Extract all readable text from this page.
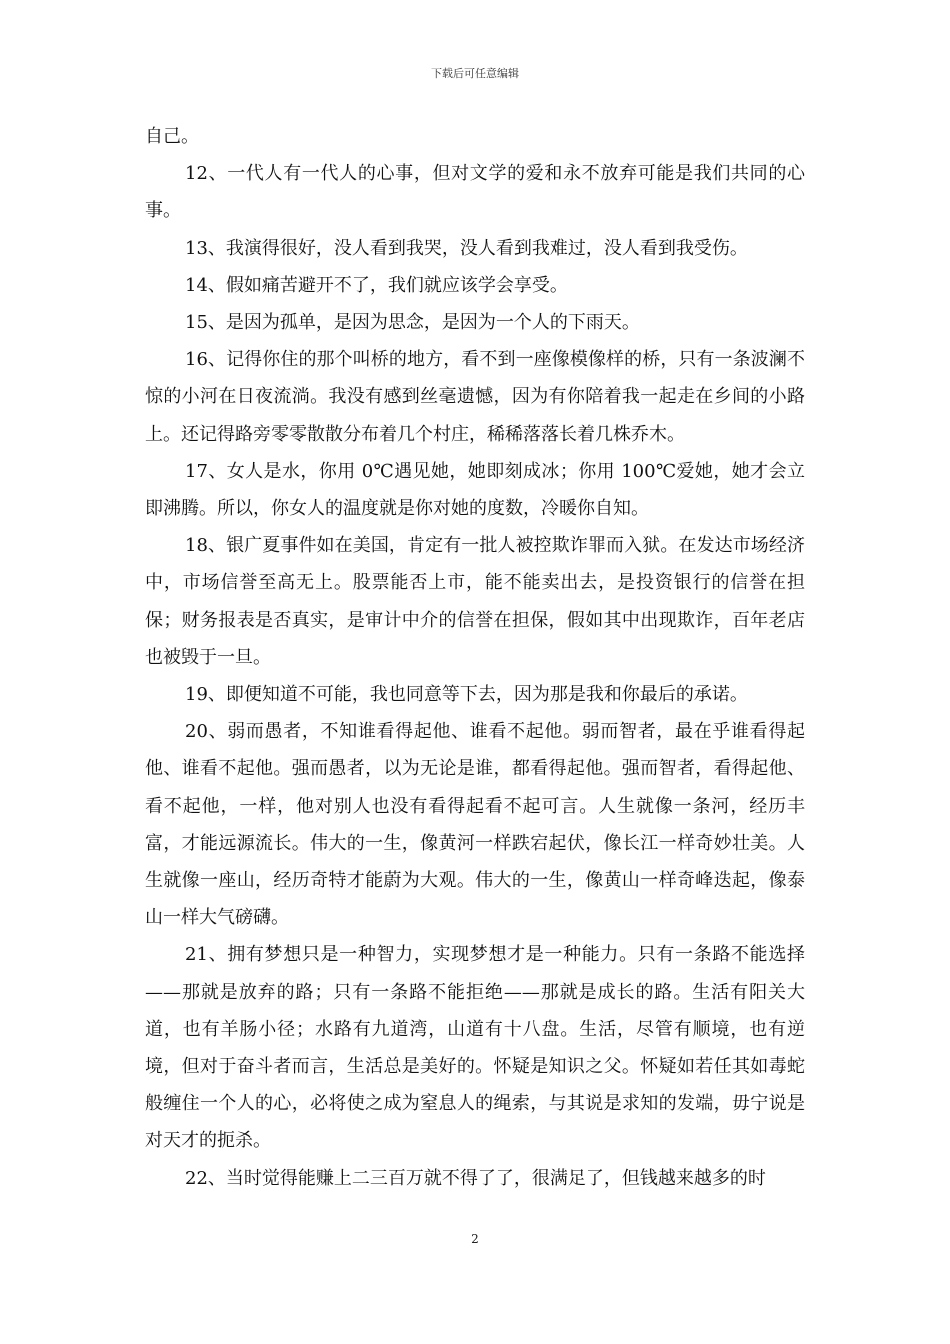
下载后可任意编辑

自己。

12、一代人有一代人的心事，但对文学的爱和永不放弃可能是我们共同的心事。

13、我演得很好，没人看到我哭，没人看到我难过，没人看到我受伤。

14、假如痛苦避开不了，我们就应该学会享受。

15、是因为孤单，是因为思念，是因为一个人的下雨天。

16、记得你住的那个叫桥的地方，看不到一座像模像样的桥，只有一条波澜不惊的小河在日夜流淌。我没有感到丝毫遗憾，因为有你陪着我一起走在乡间的小路上。还记得路旁零零散散分布着几个村庄，稀稀落落长着几株乔木。

17、女人是水，你用 0℃遇见她，她即刻成冰；你用 100℃爱她，她才会立即沸腾。所以，你女人的温度就是你对她的度数，冷暖你自知。

18、银广夏事件如在美国，肯定有一批人被控欺诈罪而入狱。在发达市场经济中，市场信誉至高无上。股票能否上市，能不能卖出去，是投资银行的信誉在担保；财务报表是否真实，是审计中介的信誉在担保，假如其中出现欺诈，百年老店也被毁于一旦。

19、即便知道不可能，我也同意等下去，因为那是我和你最后的承诺。

20、弱而愚者，不知谁看得起他、谁看不起他。弱而智者，最在乎谁看得起他、谁看不起他。强而愚者，以为无论是谁，都看得起他。强而智者，看得起他、看不起他，一样，他对别人也没有看得起看不起可言。人生就像一条河，经历丰富，才能远源流长。伟大的一生，像黄河一样跌宕起伏，像长江一样奇妙壮美。人生就像一座山，经历奇特才能蔚为大观。伟大的一生，像黄山一样奇峰迭起，像泰山一样大气磅礴。

21、拥有梦想只是一种智力，实现梦想才是一种能力。只有一条路不能选择——那就是放弃的路；只有一条路不能拒绝——那就是成长的路。生活有阳关大道，也有羊肠小径；水路有九道湾，山道有十八盘。生活，尽管有顺境，也有逆境，但对于奋斗者而言，生活总是美好的。怀疑是知识之父。怀疑如若任其如毒蛇般缠住一个人的心，必将使之成为窒息人的绳索，与其说是求知的发端，毋宁说是对天才的扼杀。

22、当时觉得能赚上二三百万就不得了了，很满足了，但钱越来越多的时

2
